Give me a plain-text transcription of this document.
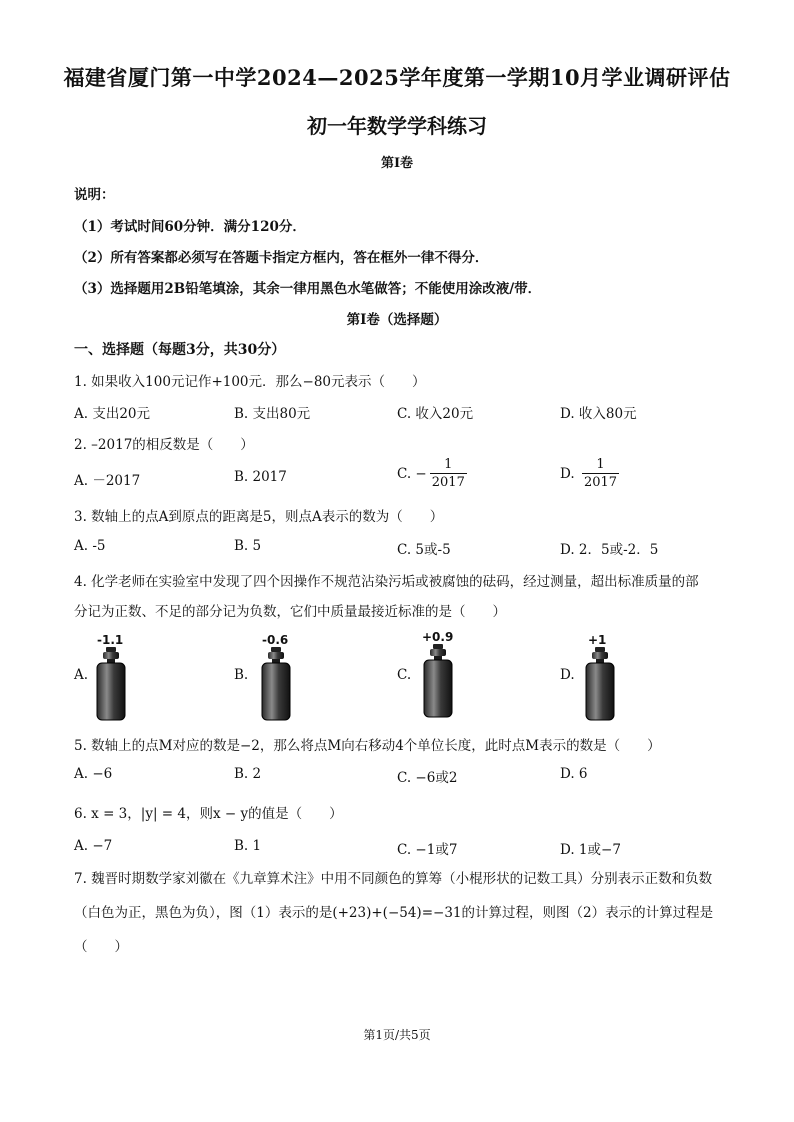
福建省厦门第一中学2024—2025学年度第一学期10月学业调研评估
初一年数学学科练习
第Ⅰ卷
说明：
（1）考试时间60分钟．满分120分．
（2）所有答案都必须写在答题卡指定方框内，答在框外一律不得分．
（3）选择题用2B铅笔填涂，其余一律用黑色水笔做答；不能使用涂改液/带．
第Ⅰ卷（选择题）
一、选择题（每题3分，共30分）
1. 如果收入100元记作+100元．那么−80元表示（　　）
A. 支出20元	B. 支出80元	C. 收入20元	D. 收入80元
2. –2017的相反数是（　　）
A. －2017	B. 2017	C. − $\frac{1}{2017}$	D. $\frac{1}{2017}$
3. 数轴上的点A到原点的距离是5，则点A表示的数为（　　）
A. -5	B. 5	C. 5或-5	D. 2．5或-2．5
4. 化学老师在实验室中发现了四个因操作不规范沾染污垢或被腐蚀的砝码，经过测量，超出标准质量的部
分记为正数、不足的部分记为负数，它们中质量最接近标准的是（　　）
A.	B.	C.	D.
-1.1	-0.6	+0.9	+1
5. 数轴上的点M对应的数是−2，那么将点M向右移动4个单位长度，此时点M表示的数是（　　）
A. −6	B. 2	C. −6或2	D. 6
6. x = 3，|y| = 4，则x − y的值是（　　）
A. −7	B. 1	C. −1或7	D. 1或−7
7. 魏晋时期数学家刘徽在《九章算术注》中用不同颜色的算筹（小棍形状的记数工具）分别表示正数和负数（白色为正，黑色为负），图（1）表示的是(+23)+(−54)=−31的计算过程，则图（2）表示的计算过程是（　　）
第1页/共5页
